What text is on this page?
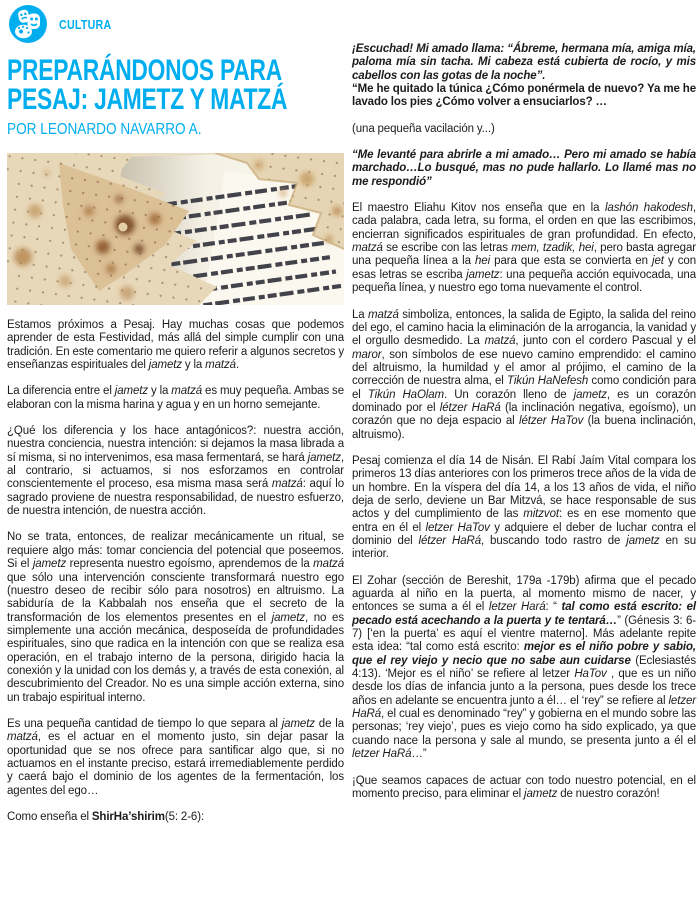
CULTURA
PREPARÁNDONOS PARA
PESAJ: JAMETZ Y MATZÁ
POR LEONARDO NAVARRO A.

Estamos próximos a Pesaj. Hay muchas cosas que podemos aprender de esta Festividad, más allá del simple cumplir con una tradición. En este comentario me quiero referir a algunos secretos y enseñanzas espirituales del jametz y la matzá.

La diferencia entre el jametz y la matzá es muy pequeña. Ambas se elaboran con la misma harina y agua y en un horno semejante.

¿Qué los diferencia y los hace antagónicos?: nuestra acción, nuestra conciencia, nuestra intención: si dejamos la masa librada a sí misma, si no intervenimos, esa masa fermentará, se hará jametz, al contrario, si actuamos, si nos esforzamos en controlar conscientemente el proceso, esa misma masa será matzá: aquí lo sagrado proviene de nuestra responsabilidad, de nuestro esfuerzo, de nuestra intención, de nuestra acción.

No se trata, entonces, de realizar mecánicamente un ritual, se requiere algo más: tomar conciencia del potencial que poseemos. Si el jametz representa nuestro egoísmo, aprendemos de la matzá que sólo una intervención consciente transformará nuestro ego (nuestro deseo de recibir sólo para nosotros) en altruismo. La sabiduría de la Kabbalah nos enseña que el secreto de la transformación de los elementos presentes en el jametz, no es simplemente una acción mecánica, desposeída de profundidades espirituales, sino que radica en la intención con que se realiza esa operación, en el trabajo interno de la persona, dirigido hacia la conexión y la unidad con los demás y, a través de esta conexión, al descubrimiento del Creador. No es una simple acción externa, sino un trabajo espiritual interno.

Es una pequeña cantidad de tiempo lo que separa al jametz de la matzá, es el actuar en el momento justo, sin dejar pasar la oportunidad que se nos ofrece para santificar algo que, si no actuamos en el instante preciso, estará irremediablemente perdido y caerá bajo el dominio de los agentes de la fermentación, los agentes del ego…

Como enseña el ShirHa’shirim(5: 2-6):

¡Escuchad! Mi amado llama: “Ábreme, hermana mía, amiga mía, paloma mía sin tacha. Mi cabeza está cubierta de rocío, y mis cabellos con las gotas de la noche”.
“Me he quitado la túnica ¿Cómo ponérmela de nuevo? Ya me he lavado los pies ¿Cómo volver a ensuciarlos? …

(una pequeña vacilación y...)

“Me levanté para abrirle a mi amado… Pero mi amado se había marchado…Lo busqué, mas no pude hallarlo. Lo llamé mas no me respondió”

El maestro Eliahu Kitov nos enseña que en la lashón hakodesh, cada palabra, cada letra, su forma, el orden en que las escribimos, encierran significados espirituales de gran profundidad. En efecto, matzá se escribe con las letras mem, tzadik, hei, pero basta agregar una pequeña línea a la hei para que esta se convierta en jet y con esas letras se escriba jametz: una pequeña acción equivocada, una pequeña línea, y nuestro ego toma nuevamente el control.

La matzá simboliza, entonces, la salida de Egipto, la salida del reino del ego, el camino hacia la eliminación de la arrogancia, la vanidad y el orgullo desmedido. La matzá, junto con el cordero Pascual y el maror, son símbolos de ese nuevo camino emprendido: el camino del altruismo, la humildad y el amor al prójimo, el camino de la corrección de nuestra alma, el Tikún HaNefesh como condición para el Tikún HaOlam. Un corazón lleno de jametz, es un corazón dominado por el létzer HaRá (la inclinación negativa, egoísmo), un corazón que no deja espacio al létzer HaTov (la buena inclinación, altruismo).

Pesaj comienza el día 14 de Nisán. El Rabí Jaím Vital compara los primeros 13 días anteriores con los primeros trece años de la vida de un hombre. En la víspera del día 14, a los 13 años de vida, el niño deja de serlo, deviene un Bar Mitzvá, se hace responsable de sus actos y del cumplimiento de las mitzvot: es en ese momento que entra en él el letzer HaTov y adquiere el deber de luchar contra el dominio del létzer HaRá, buscando todo rastro de jametz en su interior.

El Zohar (sección de Bereshit, 179a -179b) afirma que el pecado aguarda al niño en la puerta, al momento mismo de nacer, y entonces se suma a él el letzer Hará: “ tal como está escrito: el pecado está acechando a la puerta y te tentará…” (Génesis 3: 6-7) [‘en la puerta’ es aquí el vientre materno]. Más adelante repite esta idea: “tal como está escrito: mejor es el niño pobre y sabio, que el rey viejo y necio que no sabe aun cuidarse (Eclesiastés 4:13). ‘Mejor es el niño’ se refiere al letzer HaTov , que es un niño desde los días de infancia junto a la persona, pues desde los trece años en adelante se encuentra junto a él… el ‘rey” se refiere al letzer HaRá, el cual es denominado “rey” y gobierna en el mundo sobre las personas; ‘rey viejo’, pues es viejo como ha sido explicado, ya que cuando nace la persona y sale al mundo, se presenta junto a él el letzer HaRá…”

¡Que seamos capaces de actuar con todo nuestro potencial, en el momento preciso, para eliminar el jametz de nuestro corazón!
